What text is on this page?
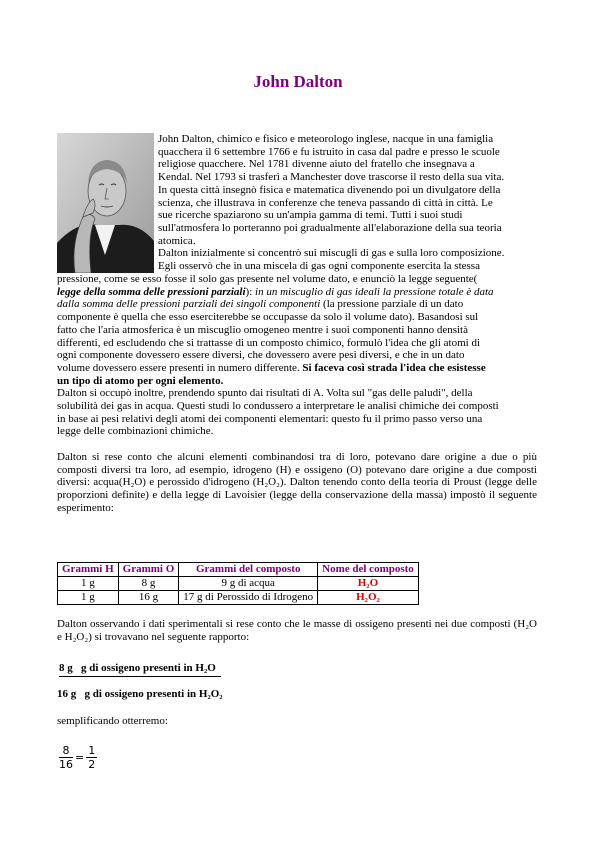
John Dalton
John Dalton, chimico e fisico e meteorologo inglese, nacque in una famiglia
quacchera il 6 settembre 1766 e fu istruito in casa dal padre e presso le scuole
religiose quacchere. Nel 1781 divenne aiuto del fratello che insegnava a
Kendal. Nel 1793 si trasferì a Manchester dove trascorse il resto della sua vita.
In questa città insegnò fisica e matematica divenendo poi un divulgatore della
scienza, che illustrava in conferenze che teneva passando di città in città. Le
sue ricerche spaziarono su un'ampia gamma di temi. Tutti i suoi studi
sull'atmosfera lo porteranno poi gradualmente all'elaborazione della sua teoria
atomica.
Dalton inizialmente si concentrò sui miscugli di gas e sulla loro composizione.
Egli osservò che in una miscela di gas ogni componente esercita la stessa
pressione, come se esso fosse il solo gas presente nel volume dato, e enunciò la legge seguente(
legge della somma delle pressioni parziali): in un miscuglio di gas ideali la pressione totale è data
dalla somma delle pressioni parziali dei singoli componenti (la pressione parziale di un dato
componente è quella che esso eserciterebbe se occupasse da solo il volume dato). Basandosi sul
fatto che l'aria atmosferica è un miscuglio omogeneo mentre i suoi componenti hanno densità
differenti, ed escludendo che si trattasse di un composto chimico, formulò l'idea che gli atomi di
ogni componente dovessero essere diversi, che dovessero avere pesi diversi, e che in un dato
volume dovessero essere presenti in numero differente. Si faceva così strada l'idea che esistesse
un tipo di atomo per ogni elemento.
Dalton si occupò inoltre, prendendo spunto dai risultati di A. Volta sul "gas delle paludi", della
solubilità dei gas in acqua. Questi studi lo condussero a interpretare le analisi chimiche dei composti
in base ai pesi relativi degli atomi dei componenti elementari: questo fu il primo passo verso una
legge delle combinazioni chimiche.
Dalton si rese conto che alcuni elementi combinandosi tra di loro, potevano dare origine a due o più composti diversi tra loro, ad esempio, idrogeno (H) e ossigeno (O) potevano dare origine a due composti diversi: acqua(H₂O) e perossido d'idrogeno (H₂O₂). Dalton tenendo conto della teoria di Proust (legge delle proporzioni definite) e della legge di Lavoisier (legge della conservazione della massa) impostò il seguente esperimento:
Grammi H	Grammi O	Grammi del composto	Nome del composto
1 g	8 g	9 g di acqua	H₂O
1 g	16 g	17 g di Perossido di Idrogeno	H₂O₂
Dalton osservando i dati sperimentali si rese conto che le masse di ossigeno presenti nei due composti (H₂O e H₂O₂) si trovavano nel seguente rapporto:
8 g g di ossigeno presenti in H₂O
16 g g di ossigeno presenti in H₂O₂
semplificando otterremo:
$\frac{8}{16} = \frac{1}{2}$
